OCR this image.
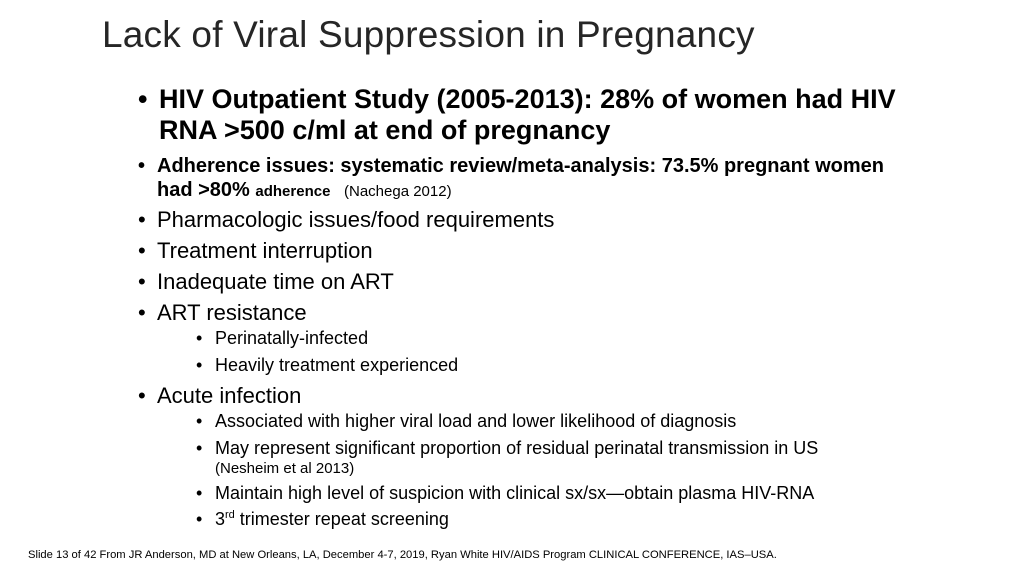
Lack of Viral Suppression in Pregnancy
• HIV Outpatient Study (2005-2013): 28% of women had HIV RNA >500 c/ml at end of pregnancy
• Adherence issues: systematic review/meta-analysis: 73.5% pregnant women had >80% adherence (Nachega 2012)
• Pharmacologic issues/food requirements
• Treatment interruption
• Inadequate time on ART
• ART resistance
• Perinatally-infected
• Heavily treatment experienced
• Acute infection
• Associated with higher viral load and lower likelihood of diagnosis
• May represent significant proportion of residual perinatal transmission in US
(Nesheim et al 2013)
• Maintain high level of suspicion with clinical sx/sx—obtain plasma HIV-RNA
• 3rd trimester repeat screening
Slide 13 of 42 From JR Anderson, MD at New Orleans, LA, December 4-7, 2019, Ryan White HIV/AIDS Program CLINICAL CONFERENCE, IAS–USA.
